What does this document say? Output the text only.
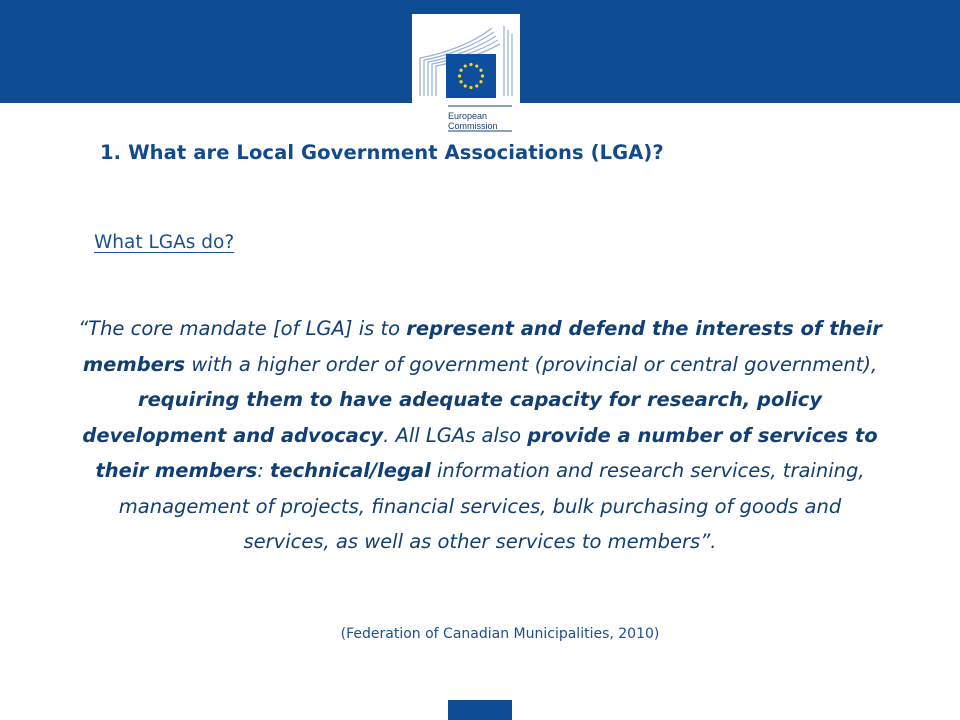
European
Commission
1. What are Local Government Associations (LGA)?
What LGAs do?

“The core mandate [of LGA] is to represent and defend the interests of their members with a higher order of government (provincial or central government), requiring them to have adequate capacity for research, policy development and advocacy. All LGAs also provide a number of services to their members: technical/legal information and research services, training, management of projects, financial services, bulk purchasing of goods and services, as well as other services to members”.

(Federation of Canadian Municipalities, 2010)
